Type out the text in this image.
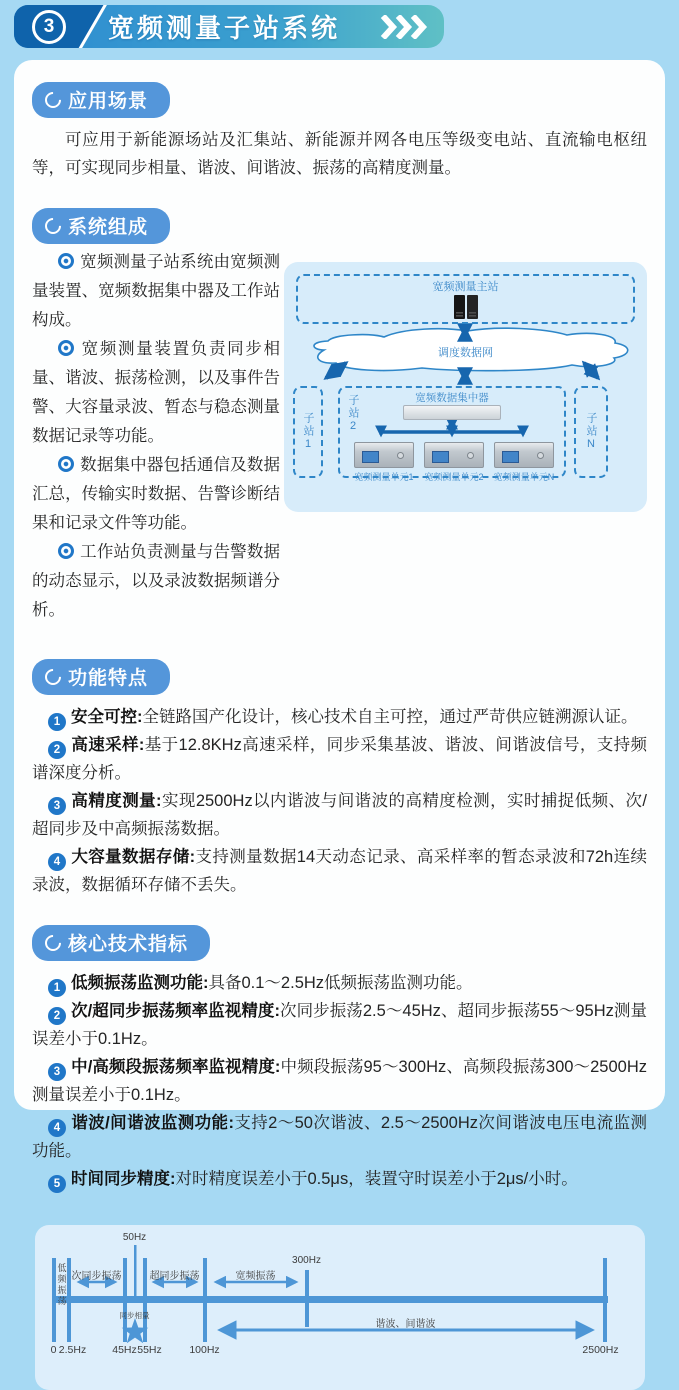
3 宽频测量子站系统
应用场景

可应用于新能源场站及汇集站、新能源并网各电压等级变电站、直流输电枢纽等，可实现同步相量、谐波、间谐波、振荡的高精度测量。

系统组成

宽频测量子站系统由宽频测量装置、宽频数据集中器及工作站构成。

宽频测量装置负责同步相量、谐波、振荡检测，以及事件告警、大容量录波、暂态与稳态测量数据记录等功能。

数据集中器包括通信及数据汇总，传输实时数据、告警诊断结果和记录文件等功能。

工作站负责测量与告警数据的动态显示，以及录波数据频谱分析。

宽频测量主站
调度数据网
子站1	子站N
子站2	宽频数据集中器
宽频测量单元1	宽频测量单元2	宽频测量单元N
功能特点

1 安全可控:全链路国产化设计，核心技术自主可控，通过严苛供应链溯源认证。

2 高速采样:基于12.8KHz高速采样，同步采集基波、谐波、间谐波信号，支持频谱深度分析。

3 高精度测量:实现2500Hz以内谐波与间谐波的高精度检测，实时捕捉低频、次/超同步及中高频振荡数据。

4 大容量数据存储:支持测量数据14天动态记录、高采样率的暂态录波和72h连续录波，数据循环存储不丢失。

核心技术指标

1 低频振荡监测功能:具备0.1～2.5Hz低频振荡监测功能。

2 次/超同步振荡频率监视精度:次同步振荡2.5～45Hz、超同步振荡55～95Hz测量误差小于0.1Hz。

3 中/高频段振荡频率监视精度:中频段振荡95～300Hz、高频段振荡300～2500Hz测量误差小于0.1Hz。

4 谐波/间谐波监测功能:支持2～50次谐波、2.5～2500Hz次间谐波电压电流监测功能。

5 时间同步精度:对时精度误差小于0.5μs，装置守时误差小于2μs/小时。

50Hz
300Hz
低频振荡 次同步振荡	超同步振荡	宽频振荡
谐波、间谐波
同步相量
0 2.5Hz 45Hz 55Hz	100Hz	2500Hz
